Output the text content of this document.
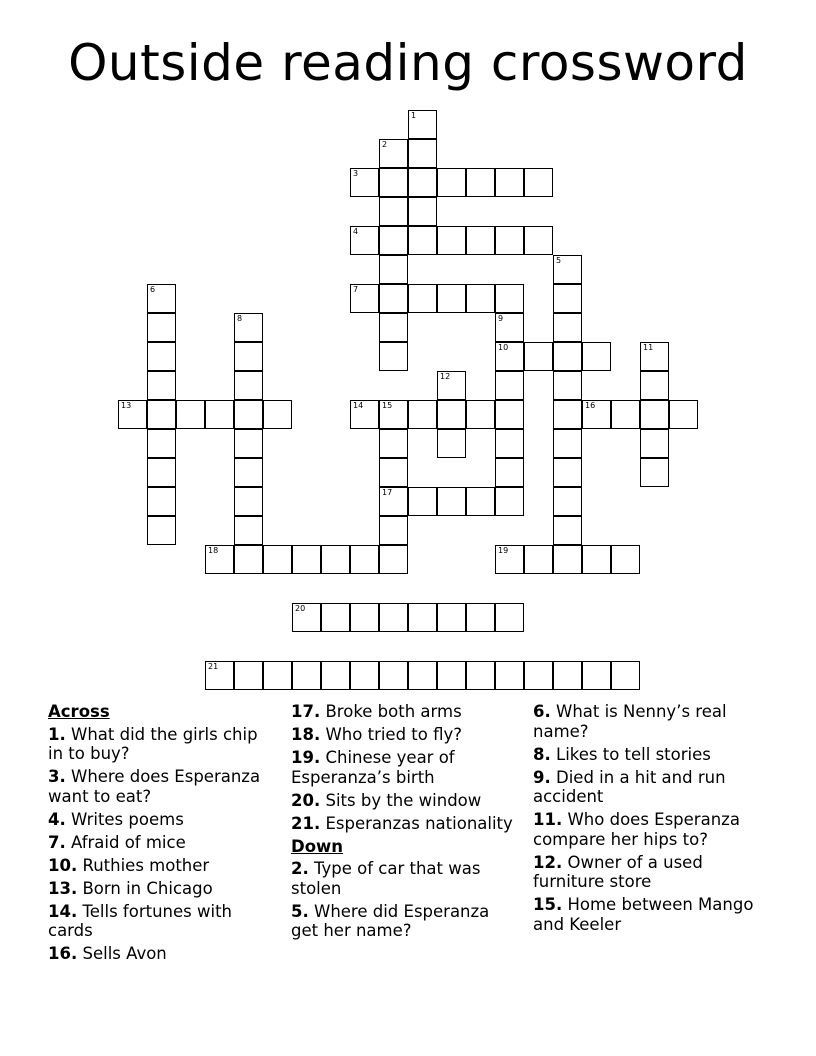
Outside reading crossword
1
2
3
4
7
9
10
5
6
8
13	14 15
12
17
16
11
18	19
20
21
Across
1. What did the girls chip in to buy?
3. Where does Esperanza want to eat?
4. Writes poems
7. Afraid of mice
10. Ruthies mother
13. Born in Chicago
14. Tells fortunes with cards
16. Sells Avon
17. Broke both arms
18. Who tried to fly?
19. Chinese year of Esperanza’s birth
20. Sits by the window
21. Esperanzas nationality
Down
2. Type of car that was stolen
5. Where did Esperanza get her name?
6. What is Nenny’s real name?
8. Likes to tell stories
9. Died in a hit and run accident
11. Who does Esperanza compare her hips to?
12. Owner of a used furniture store
15. Home between Mango and Keeler
